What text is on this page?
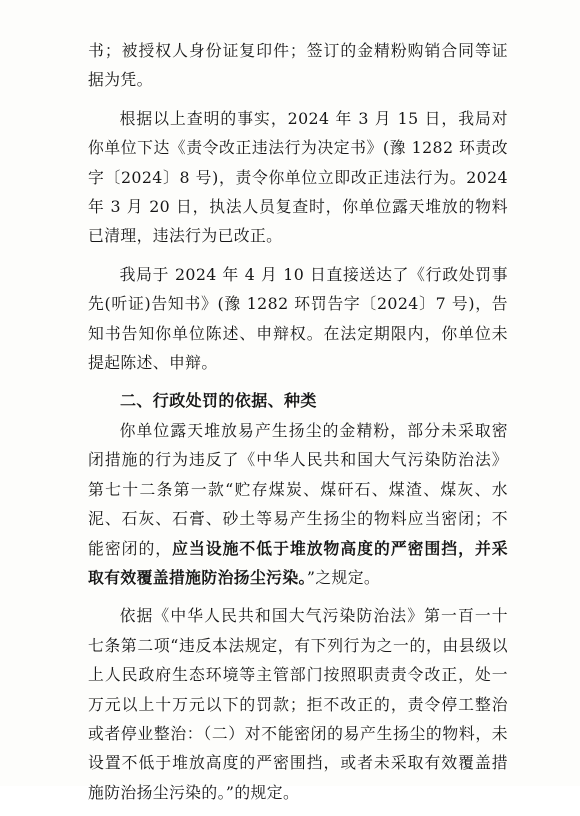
书；被授权人身份证复印件；签订的金精粉购销合同等证据为凭。

根据以上查明的事实，2024 年 3 月 15 日，我局对你单位下达《责令改正违法行为决定书》(豫 1282 环责改字〔2024〕8 号)，责令你单位立即改正违法行为。2024 年 3 月 20 日，执法人员复查时，你单位露天堆放的物料已清理，违法行为已改正。

我局于 2024 年 4 月 10 日直接送达了《行政处罚事先(听证)告知书》(豫 1282 环罚告字〔2024〕7 号)，告知书告知你单位陈述、申辩权。在法定期限内，你单位未提起陈述、申辩。

二、行政处罚的依据、种类

你单位露天堆放易产生扬尘的金精粉，部分未采取密闭措施的行为违反了《中华人民共和国大气污染防治法》第七十二条第一款“贮存煤炭、煤矸石、煤渣、煤灰、水泥、石灰、石膏、砂土等易产生扬尘的物料应当密闭；不能密闭的，应当设施不低于堆放物高度的严密围挡，并采取有效覆盖措施防治扬尘污染。”之规定。

依据《中华人民共和国大气污染防治法》第一百一十七条第二项“违反本法规定，有下列行为之一的，由县级以上人民政府生态环境等主管部门按照职责责令改正，处一万元以上十万元以下的罚款；拒不改正的，责令停工整治或者停业整治：（二）对不能密闭的易产生扬尘的物料，未设置不低于堆放高度的严密围挡，或者未采取有效覆盖措施防治扬尘污染的。”的规定。
